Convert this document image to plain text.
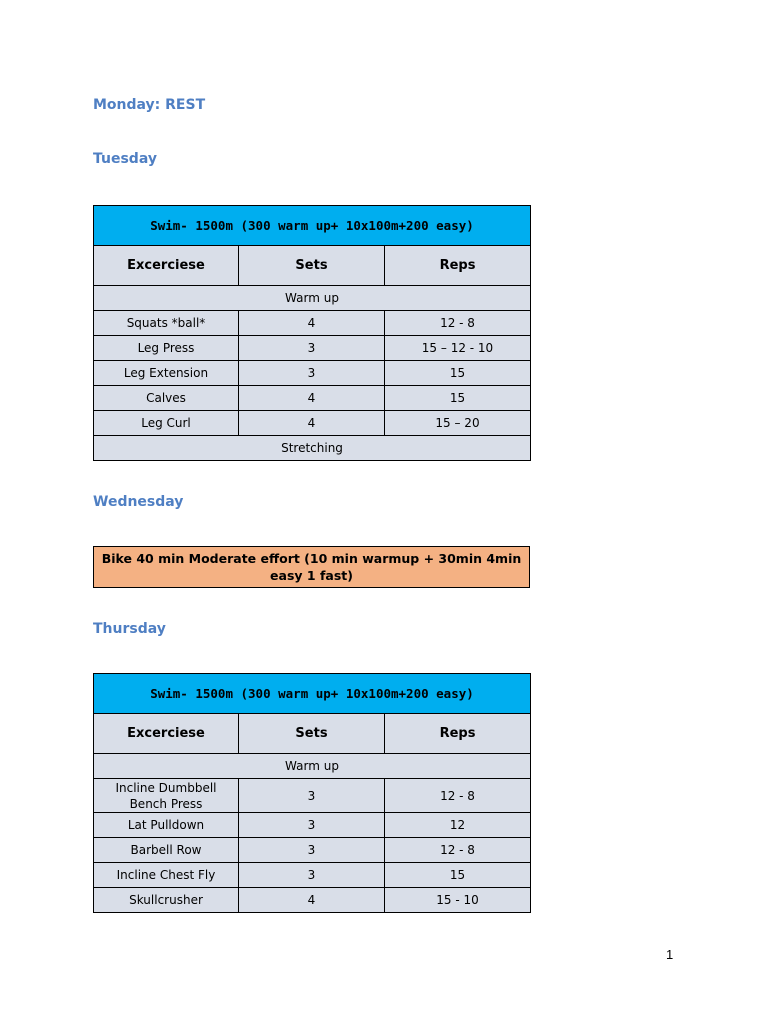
Monday: REST
Tuesday
Swim- 1500m (300 warm up+ 10x100m+200 easy)		
Excerciese	Sets	Reps
Warm up		
Squats *ball*	4	12 - 8
Leg Press	3	15 – 12 - 10
Leg Extension	3	15
Calves	4	15
Leg Curl	4	15 – 20
Stretching		
Wednesday
Bike 40 min Moderate effort (10 min warmup + 30min 4min easy 1 fast)
Thursday
Swim- 1500m (300 warm up+ 10x100m+200 easy)		
Excerciese	Sets	Reps
Warm up		
Incline Dumbbell Bench Press	3	12 - 8
Lat Pulldown	3	12
Barbell Row	3	12 - 8
Incline Chest Fly	3	15
Skullcrusher	4	15 - 10
1
